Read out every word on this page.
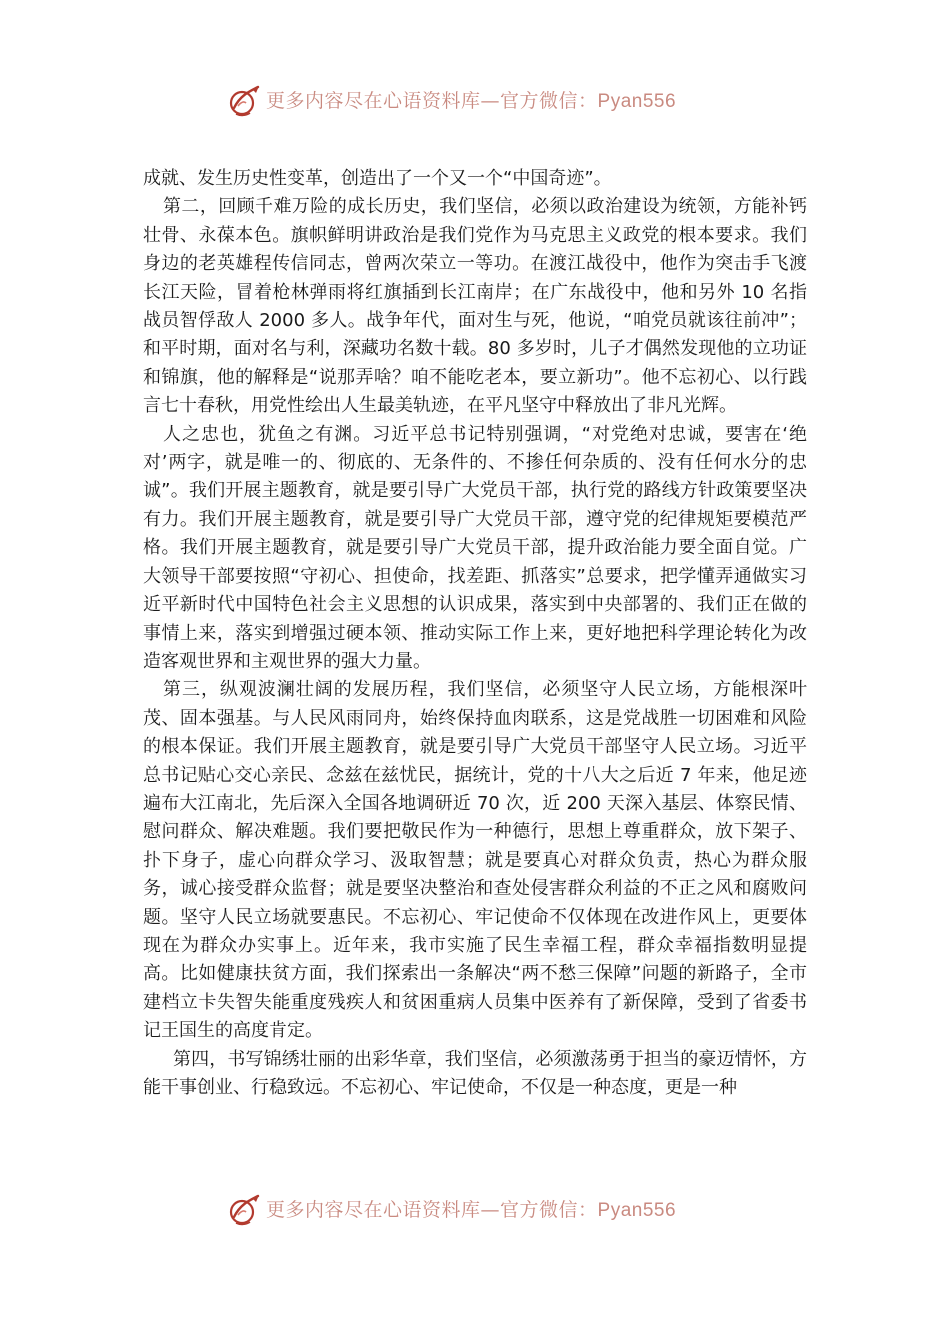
更多内容尽在心语资料库—官方微信：Pyan556

成就、发生历史性变革，创造出了一个又一个“中国奇迹”。

第二，回顾千难万险的成长历史，我们坚信，必须以政治建设为统领，方能补钙壮骨、永葆本色。旗帜鲜明讲政治是我们党作为马克思主义政党的根本要求。我们身边的老英雄程传信同志，曾两次荣立一等功。在渡江战役中，他作为突击手飞渡长江天险，冒着枪林弹雨将红旗插到长江南岸；在广东战役中，他和另外 10 名指战员智俘敌人 2000 多人。战争年代，面对生与死，他说，“咱党员就该往前冲”；和平时期，面对名与利，深藏功名数十载。80 多岁时，儿子才偶然发现他的立功证和锦旗，他的解释是“说那弄啥？咱不能吃老本，要立新功”。他不忘初心、以行践言七十春秋，用党性绘出人生最美轨迹，在平凡坚守中释放出了非凡光辉。

人之忠也，犹鱼之有渊。习近平总书记特别强调，“对党绝对忠诚，要害在‘绝对’两字，就是唯一的、彻底的、无条件的、不掺任何杂质的、没有任何水分的忠诚”。我们开展主题教育，就是要引导广大党员干部，执行党的路线方针政策要坚决有力。我们开展主题教育，就是要引导广大党员干部，遵守党的纪律规矩要模范严格。我们开展主题教育，就是要引导广大党员干部，提升政治能力要全面自觉。广大领导干部要按照“守初心、担使命，找差距、抓落实”总要求，把学懂弄通做实习近平新时代中国特色社会主义思想的认识成果，落实到中央部署的、我们正在做的事情上来，落实到增强过硬本领、推动实际工作上来，更好地把科学理论转化为改造客观世界和主观世界的强大力量。

第三，纵观波澜壮阔的发展历程，我们坚信，必须坚守人民立场，方能根深叶茂、固本强基。与人民风雨同舟，始终保持血肉联系，这是党战胜一切困难和风险的根本保证。我们开展主题教育，就是要引导广大党员干部坚守人民立场。习近平总书记贴心交心亲民、念兹在兹忧民，据统计，党的十八大之后近 7 年来，他足迹遍布大江南北，先后深入全国各地调研近 70 次，近 200 天深入基层、体察民情、慰问群众、解决难题。我们要把敬民作为一种德行，思想上尊重群众，放下架子、扑下身子，虚心向群众学习、汲取智慧；就是要真心对群众负责，热心为群众服务，诚心接受群众监督；就是要坚决整治和查处侵害群众利益的不正之风和腐败问题。坚守人民立场就要惠民。不忘初心、牢记使命不仅体现在改进作风上，更要体现在为群众办实事上。近年来，我市实施了民生幸福工程，群众幸福指数明显提高。比如健康扶贫方面，我们探索出一条解决“两不愁三保障”问题的新路子，全市建档立卡失智失能重度残疾人和贫困重病人员集中医养有了新保障，受到了省委书记王国生的高度肯定。

第四，书写锦绣壮丽的出彩华章，我们坚信，必须激荡勇于担当的豪迈情怀，方能干事创业、行稳致远。不忘初心、牢记使命，不仅是一种态度，更是一种

更多内容尽在心语资料库—官方微信：Pyan556
